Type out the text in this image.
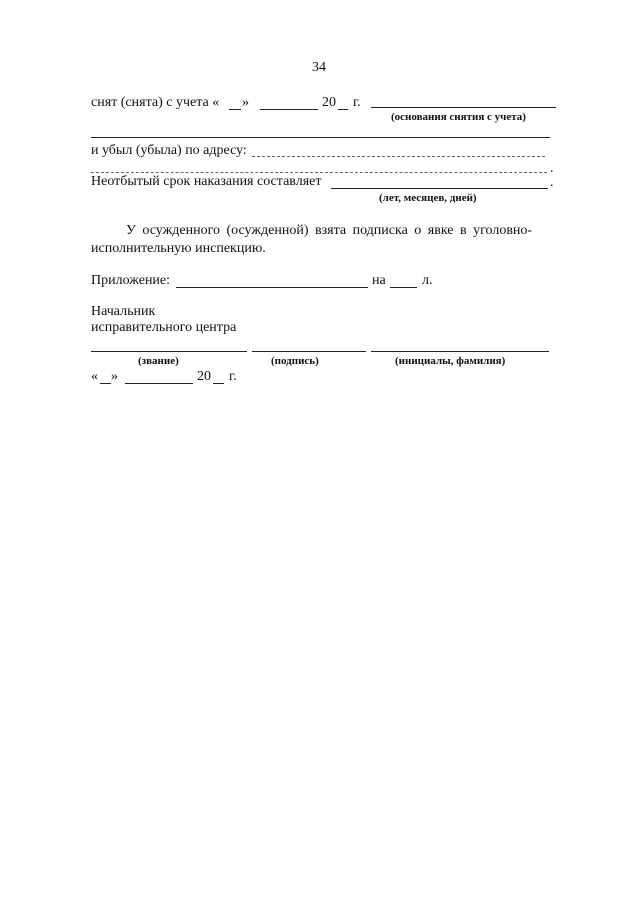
34
снят (снята) с учета « »	20 г.
(основания снятия с учета)
и убыл (убыла) по адресу:
.
Неотбытый срок наказания составляет	.
(лет, месяцев, дней)
У осужденного (осужденной) взята подписка о явке в уголовно-
исполнительную инспекцию.
Приложение:	на	л.
Начальник
исправительного центра
(звание)	(подпись)	(инициалы, фамилия)
« »	20 г.
